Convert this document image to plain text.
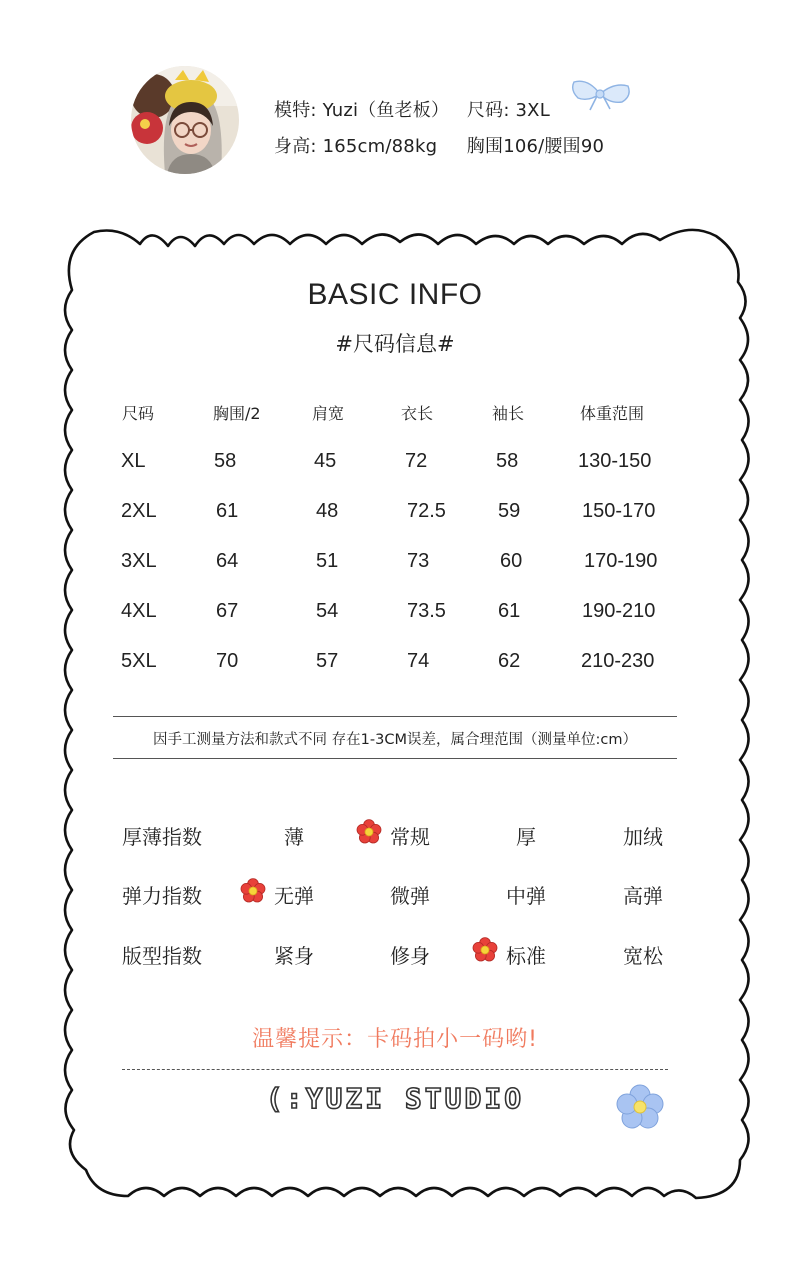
模特: Yuzi（鱼老板）   尺码: 3XL
身高: 165cm/88kg     胸围106/腰围90
BASIC INFO
#尺码信息#
尺码	胸围/2	肩宽	衣长	袖长	体重范围
XL	58	45	72	58	130-150
2XL	61	48	72.5	59	150-170
3XL	64	51	73	60	170-190
4XL	67	54	73.5	61	190-210
5XL	70	57	74	62	210-230
因手工测量方法和款式不同 存在1-3CM误差，属合理范围（测量单位:cm）
厚薄指数	薄	常规	厚	加绒
弹力指数	无弹	微弹	中弹	高弹
版型指数	紧身	修身	标准	宽松
温馨提示：卡码拍小一码哟!
(:YUZI STUDIO
